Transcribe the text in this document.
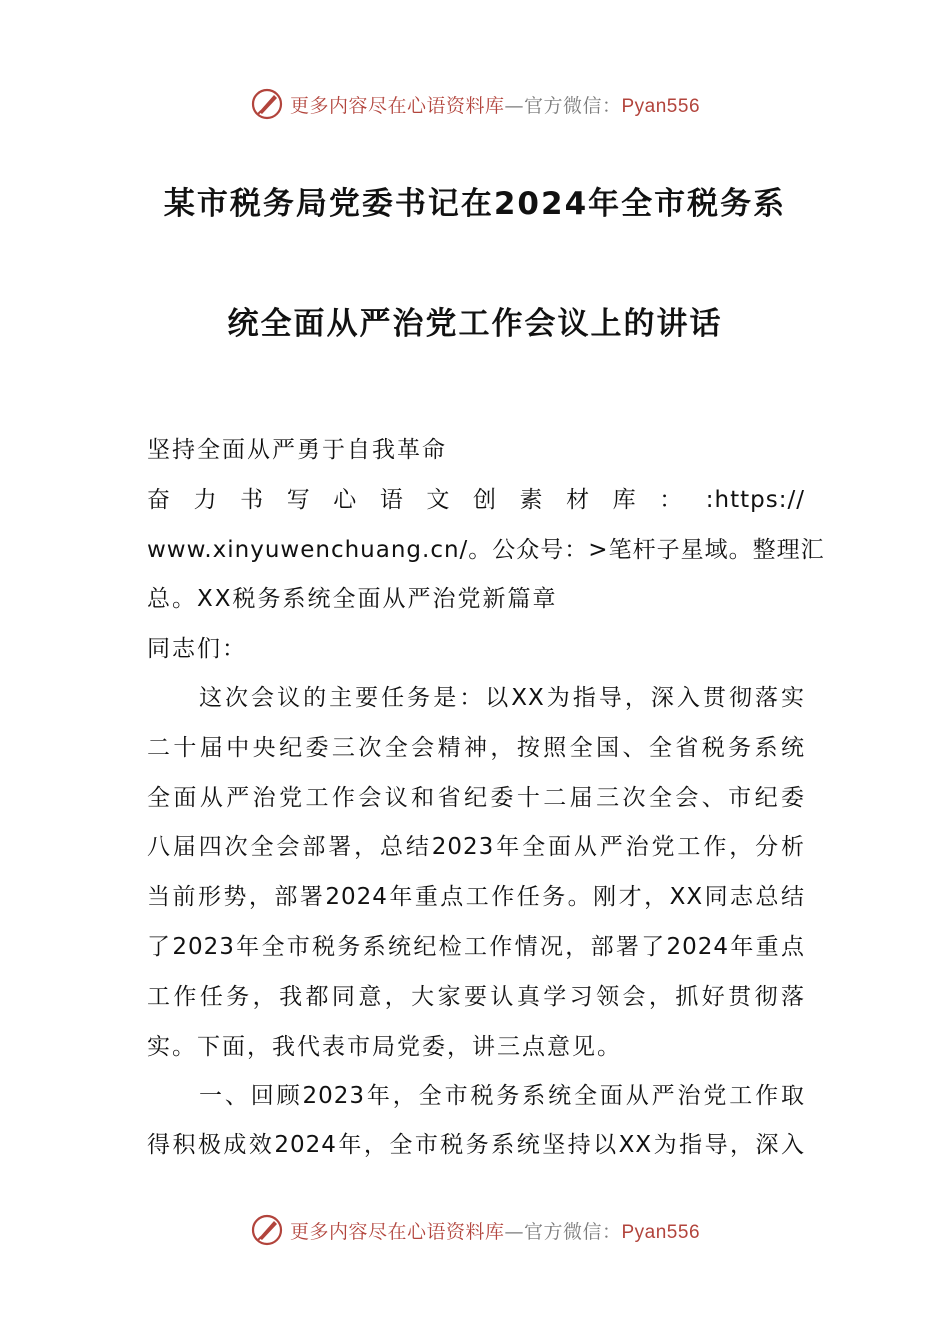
更多内容尽在心语资料库—官方微信：Pyan556
某市税务局党委书记在2024年全市税务系
统全面从严治党工作会议上的讲话
坚持全面从严勇于自我革命
奋力书写心语文创素材库：:https://
www.xinyuwenchuang.cn/。公众号：>笔杆子星域。整理汇
总。XX税务系统全面从严治党新篇章
同志们：
这次会议的主要任务是：以XX为指导，深入贯彻落实
二十届中央纪委三次全会精神，按照全国、全省税务系统
全面从严治党工作会议和省纪委十二届三次全会、市纪委
八届四次全会部署，总结2023年全面从严治党工作，分析
当前形势，部署2024年重点工作任务。刚才，XX同志总结
了2023年全市税务系统纪检工作情况，部署了2024年重点
工作任务，我都同意，大家要认真学习领会，抓好贯彻落
实。下面，我代表市局党委，讲三点意见。
一、回顾2023年，全市税务系统全面从严治党工作取
得积极成效2024年，全市税务系统坚持以XX为指导，深入
更多内容尽在心语资料库—官方微信：Pyan556
